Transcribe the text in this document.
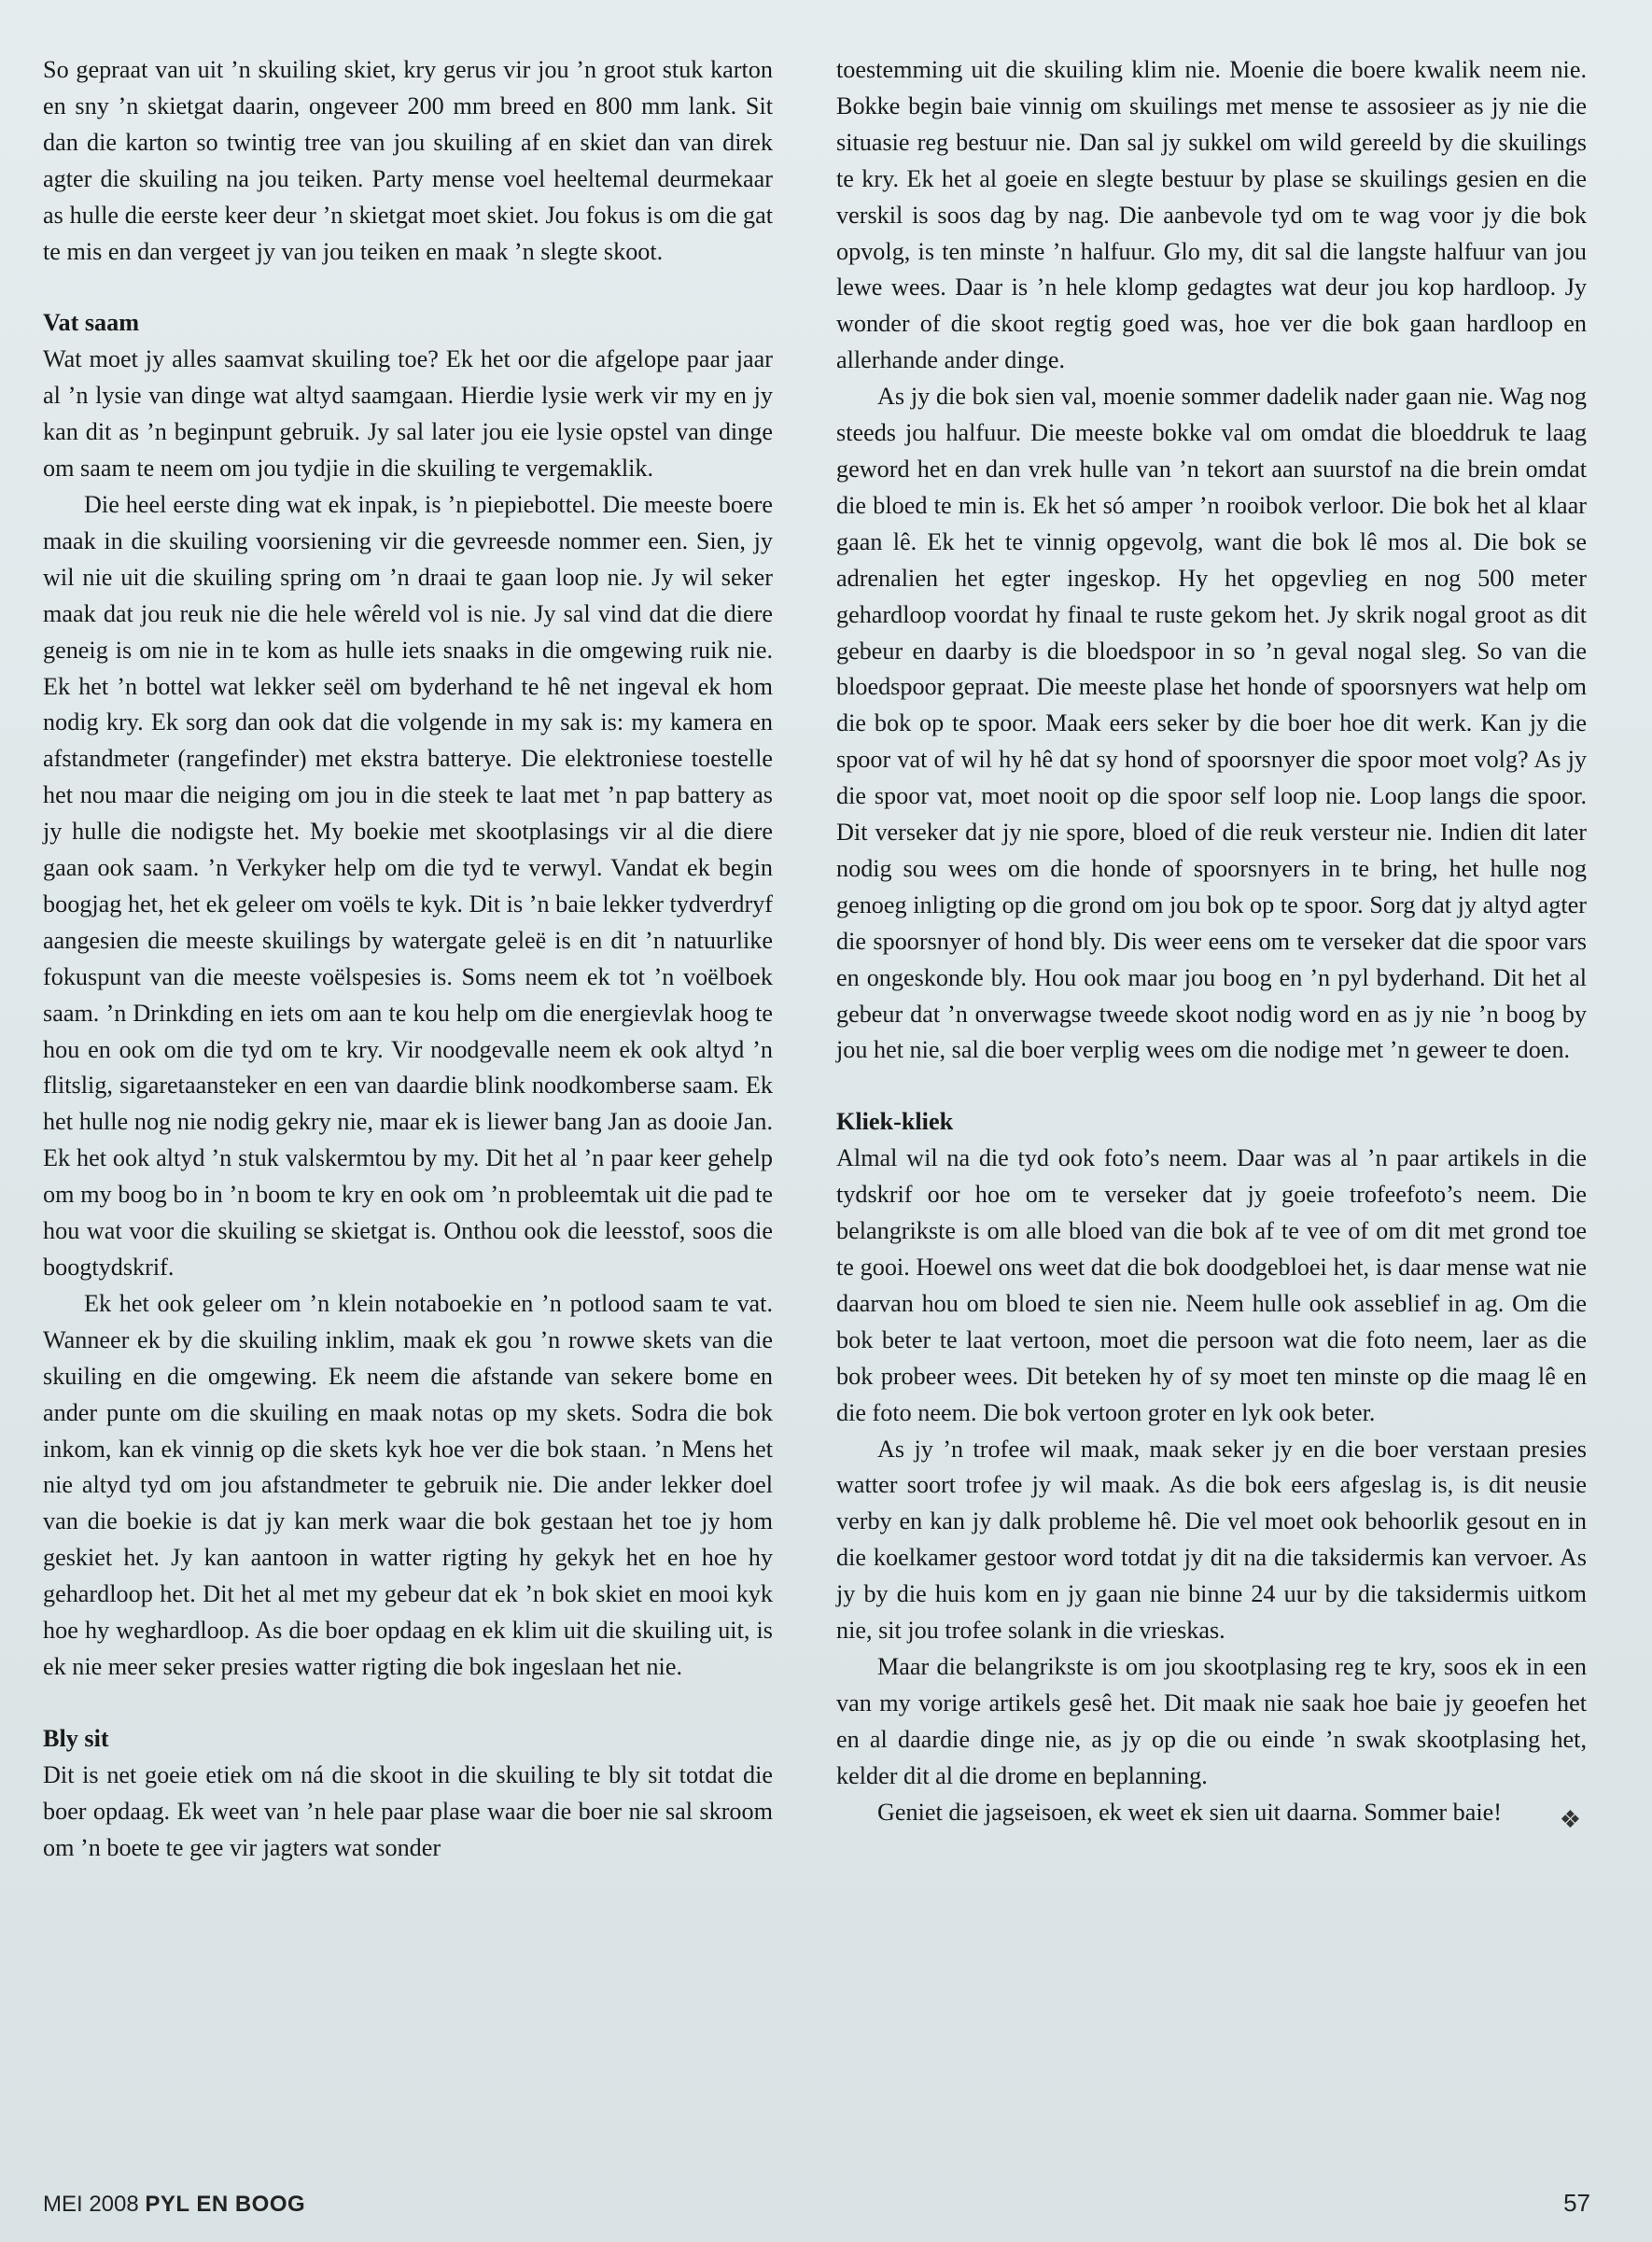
So gepraat van uit ’n skuiling skiet, kry gerus vir jou ’n groot stuk karton en sny ’n skietgat daarin, ongeveer 200 mm breed en 800 mm lank. Sit dan die karton so twintig tree van jou skuiling af en skiet dan van direk agter die skuiling na jou teiken. Party mense voel heeltemal deurmekaar as hulle die eerste keer deur ’n skietgat moet skiet. Jou fokus is om die gat te mis en dan vergeet jy van jou teiken en maak ’n slegte skoot.

Vat saam

Wat moet jy alles saamvat skuiling toe? Ek het oor die afgelope paar jaar al ’n lysie van dinge wat altyd saamgaan. Hierdie lysie werk vir my en jy kan dit as ’n beginpunt gebruik. Jy sal later jou eie lysie opstel van dinge om saam te neem om jou tydjie in die skuiling te vergemaklik.

Die heel eerste ding wat ek inpak, is ’n piepiebottel. Die meeste boere maak in die skuiling voorsiening vir die gevreesde nommer een. Sien, jy wil nie uit die skuiling spring om ’n draai te gaan loop nie. Jy wil seker maak dat jou reuk nie die hele wêreld vol is nie. Jy sal vind dat die diere geneig is om nie in te kom as hulle iets snaaks in die omgewing ruik nie. Ek het ’n bottel wat lekker seël om byderhand te hê net ingeval ek hom nodig kry. Ek sorg dan ook dat die volgende in my sak is: my kamera en afstandmeter (rangefinder) met ekstra batterye. Die elektroniese toestelle het nou maar die neiging om jou in die steek te laat met ’n pap battery as jy hulle die nodigste het. My boekie met skootplasings vir al die diere gaan ook saam. ’n Verkyker help om die tyd te verwyl. Vandat ek begin boogjag het, het ek geleer om voëls te kyk. Dit is ’n baie lekker tydverdryf aangesien die meeste skuilings by watergate geleë is en dit ’n natuurlike fokuspunt van die meeste voëlspesies is. Soms neem ek tot ’n voëlboek saam. ’n Drinkding en iets om aan te kou help om die energievlak hoog te hou en ook om die tyd om te kry. Vir noodgevalle neem ek ook altyd ’n flitslig, sigaretaansteker en een van daardie blink noodkomberse saam. Ek het hulle nog nie nodig gekry nie, maar ek is liewer bang Jan as dooie Jan. Ek het ook altyd ’n stuk valskermtou by my. Dit het al ’n paar keer gehelp om my boog bo in ’n boom te kry en ook om ’n probleemtak uit die pad te hou wat voor die skuiling se skietgat is. Onthou ook die leesstof, soos die boogtydskrif.

Ek het ook geleer om ’n klein notaboekie en ’n potlood saam te vat. Wanneer ek by die skuiling inklim, maak ek gou ’n rowwe skets van die skuiling en die omgewing. Ek neem die afstande van sekere bome en ander punte om die skuiling en maak notas op my skets. Sodra die bok inkom, kan ek vinnig op die skets kyk hoe ver die bok staan. ’n Mens het nie altyd tyd om jou afstandmeter te gebruik nie. Die ander lekker doel van die boekie is dat jy kan merk waar die bok gestaan het toe jy hom geskiet het. Jy kan aantoon in watter rigting hy gekyk het en hoe hy gehardloop het. Dit het al met my gebeur dat ek ’n bok skiet en mooi kyk hoe hy weghardloop. As die boer opdaag en ek klim uit die skuiling uit, is ek nie meer seker presies watter rigting die bok ingeslaan het nie.

Bly sit

Dit is net goeie etiek om ná die skoot in die skuiling te bly sit totdat die boer opdaag. Ek weet van ’n hele paar plase waar die boer nie sal skroom om ’n boete te gee vir jagters wat sonder

toestemming uit die skuiling klim nie. Moenie die boere kwalik neem nie. Bokke begin baie vinnig om skuilings met mense te assosieer as jy nie die situasie reg bestuur nie. Dan sal jy sukkel om wild gereeld by die skuilings te kry. Ek het al goeie en slegte bestuur by plase se skuilings gesien en die verskil is soos dag by nag. Die aanbevole tyd om te wag voor jy die bok opvolg, is ten minste ’n halfuur. Glo my, dit sal die langste halfuur van jou lewe wees. Daar is ’n hele klomp gedagtes wat deur jou kop hardloop. Jy wonder of die skoot regtig goed was, hoe ver die bok gaan hardloop en allerhande ander dinge.

As jy die bok sien val, moenie sommer dadelik nader gaan nie. Wag nog steeds jou halfuur. Die meeste bokke val om omdat die bloeddruk te laag geword het en dan vrek hulle van ’n tekort aan suurstof na die brein omdat die bloed te min is. Ek het só amper ’n rooibok verloor. Die bok het al klaar gaan lê. Ek het te vinnig opgevolg, want die bok lê mos al. Die bok se adrenalien het egter ingeskop. Hy het opgevlieg en nog 500 meter gehardloop voordat hy finaal te ruste gekom het. Jy skrik nogal groot as dit gebeur en daarby is die bloedspoor in so ’n geval nogal sleg. So van die bloedspoor gepraat. Die meeste plase het honde of spoorsnyers wat help om die bok op te spoor. Maak eers seker by die boer hoe dit werk. Kan jy die spoor vat of wil hy hê dat sy hond of spoorsnyer die spoor moet volg? As jy die spoor vat, moet nooit op die spoor self loop nie. Loop langs die spoor. Dit verseker dat jy nie spore, bloed of die reuk versteur nie. Indien dit later nodig sou wees om die honde of spoorsnyers in te bring, het hulle nog genoeg inligting op die grond om jou bok op te spoor. Sorg dat jy altyd agter die spoorsnyer of hond bly. Dis weer eens om te verseker dat die spoor vars en ongeskonde bly. Hou ook maar jou boog en ’n pyl byderhand. Dit het al gebeur dat ’n onverwagse tweede skoot nodig word en as jy nie ’n boog by jou het nie, sal die boer verplig wees om die nodige met ’n geweer te doen.

Kliek-kliek

Almal wil na die tyd ook foto’s neem. Daar was al ’n paar artikels in die tydskrif oor hoe om te verseker dat jy goeie trofeefoto’s neem. Die belangrikste is om alle bloed van die bok af te vee of om dit met grond toe te gooi. Hoewel ons weet dat die bok doodgebloei het, is daar mense wat nie daarvan hou om bloed te sien nie. Neem hulle ook asseblief in ag. Om die bok beter te laat vertoon, moet die persoon wat die foto neem, laer as die bok probeer wees. Dit beteken hy of sy moet ten minste op die maag lê en die foto neem. Die bok vertoon groter en lyk ook beter.

As jy ’n trofee wil maak, maak seker jy en die boer verstaan presies watter soort trofee jy wil maak. As die bok eers afgeslag is, is dit neusie verby en kan jy dalk probleme hê. Die vel moet ook behoorlik gesout en in die koelkamer gestoor word totdat jy dit na die taksidermis kan vervoer. As jy by die huis kom en jy gaan nie binne 24 uur by die taksidermis uitkom nie, sit jou trofee solank in die vrieskas.

Maar die belangrikste is om jou skootplasing reg te kry, soos ek in een van my vorige artikels gesê het. Dit maak nie saak hoe baie jy geoefen het en al daardie dinge nie, as jy op die ou einde ’n swak skootplasing het, kelder dit al die drome en beplanning.

Geniet die jagseisoen, ek weet ek sien uit daarna. Sommer baie!	❖

MEI 2008 PYL EN BOOG	57
